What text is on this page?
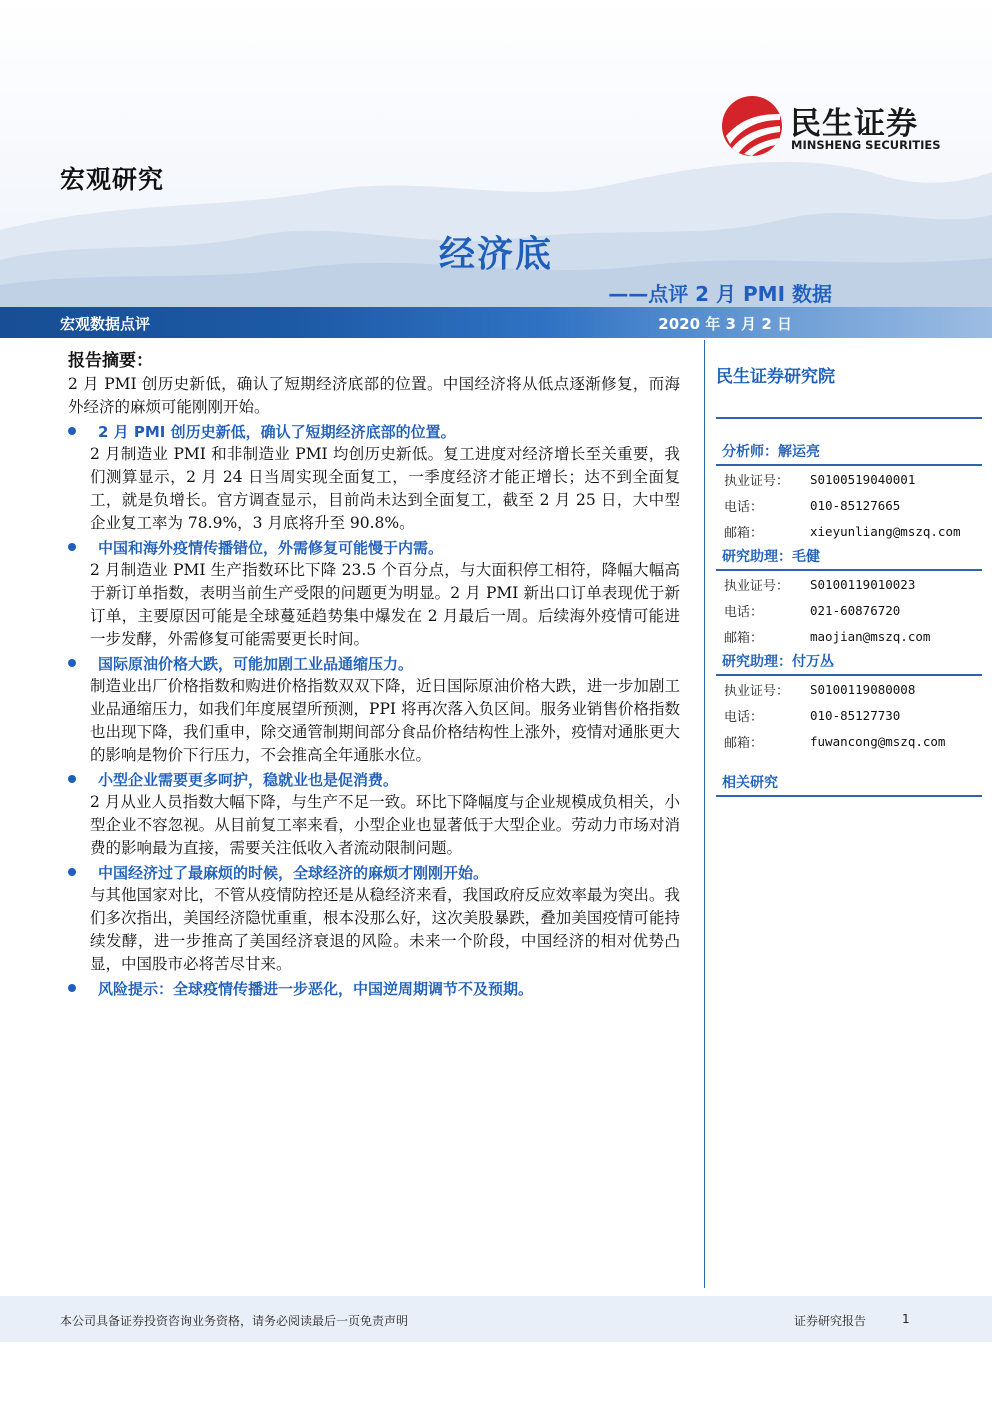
民生证券
MINSHENG SECURITIES
宏观研究
经济底
——点评 2 月 PMI 数据
宏观数据点评	2020 年 3 月 2 日

报告摘要：

2 月 PMI 创历史新低，确认了短期经济底部的位置。中国经济将从低点逐渐修复，而海外经济的麻烦可能刚刚开始。

2 月 PMI 创历史新低，确认了短期经济底部的位置。

2 月制造业 PMI 和非制造业 PMI 均创历史新低。复工进度对经济增长至关重要，我们测算显示，2 月 24 日当周实现全面复工，一季度经济才能正增长；达不到全面复工，就是负增长。官方调查显示，目前尚未达到全面复工，截至 2 月 25 日，大中型企业复工率为 78.9%，3 月底将升至 90.8%。

中国和海外疫情传播错位，外需修复可能慢于内需。

2 月制造业 PMI 生产指数环比下降 23.5 个百分点，与大面积停工相符，降幅大幅高于新订单指数，表明当前生产受限的问题更为明显。2 月 PMI 新出口订单表现优于新订单，主要原因可能是全球蔓延趋势集中爆发在 2 月最后一周。后续海外疫情可能进一步发酵，外需修复可能需要更长时间。

国际原油价格大跌，可能加剧工业品通缩压力。

制造业出厂价格指数和购进价格指数双双下降，近日国际原油价格大跌，进一步加剧工业品通缩压力，如我们年度展望所预测，PPI 将再次落入负区间。服务业销售价格指数也出现下降，我们重申，除交通管制期间部分食品价格结构性上涨外，疫情对通胀更大的影响是物价下行压力，不会推高全年通胀水位。

小型企业需要更多呵护，稳就业也是促消费。

2 月从业人员指数大幅下降，与生产不足一致。环比下降幅度与企业规模成负相关，小型企业不容忽视。从目前复工率来看，小型企业也显著低于大型企业。劳动力市场对消费的影响最为直接，需要关注低收入者流动限制问题。

中国经济过了最麻烦的时候，全球经济的麻烦才刚刚开始。

与其他国家对比，不管从疫情防控还是从稳经济来看，我国政府反应效率最为突出。我们多次指出，美国经济隐忧重重，根本没那么好，这次美股暴跌，叠加美国疫情可能持续发酵，进一步推高了美国经济衰退的风险。未来一个阶段，中国经济的相对优势凸显，中国股市必将苦尽甘来。

风险提示：全球疫情传播进一步恶化，中国逆周期调节不及预期。
民生证券研究院

分析师：解运亮

执业证号：	S0100519040001
电话：	010-85127665
邮箱：	xieyunliang@mszq.com

研究助理：毛健

执业证号：	S0100119010023
电话：	021-60876720
邮箱：	maojian@mszq.com

研究助理：付万丛

执业证号：	S0100119080008
电话：	010-85127730
邮箱：	fuwancong@mszq.com

相关研究

本公司具备证券投资咨询业务资格，请务必阅读最后一页免责声明	证券研究报告	1
